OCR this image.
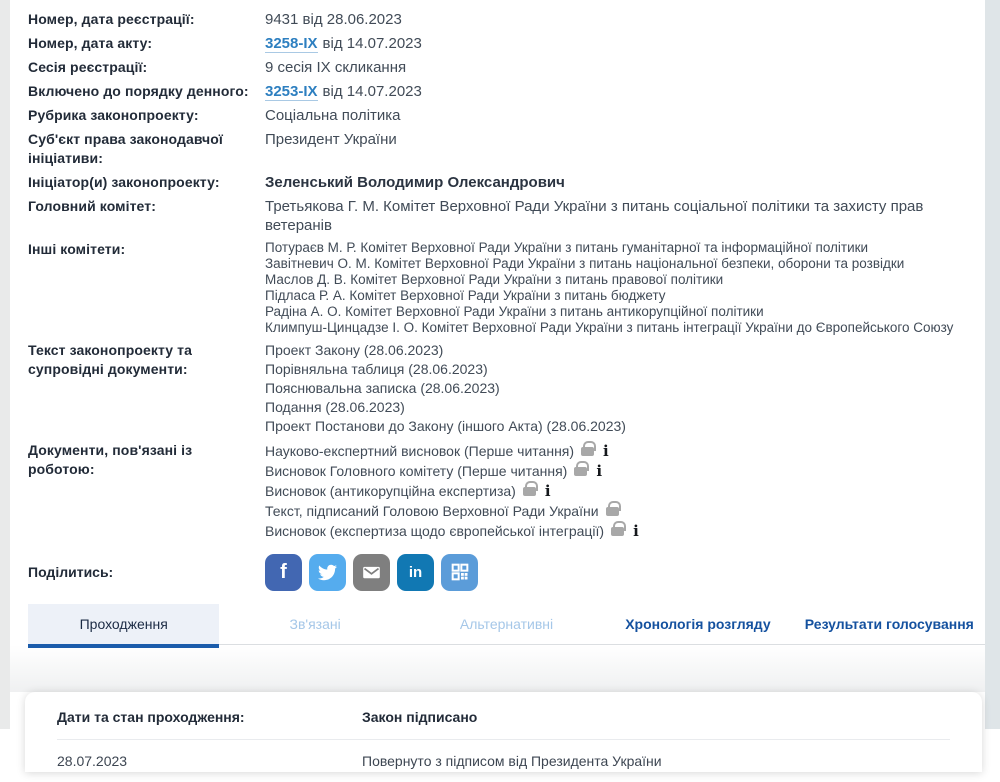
Номер, дата реєстрації:	9431 від 28.06.2023
Номер, дата акту:	3258-IX від 14.07.2023
Сесія реєстрації:	9 сесія IX скликання
Включено до порядку денного:	3253-IX від 14.07.2023
Рубрика законопроекту:	Соціальна політика
Суб'єкт права законодавчої ініціативи:
Президент України
Ініціатор(и) законопроекту:	Зеленський Володимир Олександрович
Головний комітет:	Третьякова Г. М. Комітет Верховної Ради України з питань соціальної політики та захисту прав ветеранів
Інші комітети:	Потураєв М. Р. Комітет Верховної Ради України з питань гуманітарної та інформаційної політики
Завітневич О. М. Комітет Верховної Ради України з питань національної безпеки, оборони та розвідки
Маслов Д. В. Комітет Верховної Ради України з питань правової політики
Підласа Р. А. Комітет Верховної Ради України з питань бюджету
Радіна А. О. Комітет Верховної Ради України з питань антикорупційної політики
Климпуш-Цинцадзе І. О. Комітет Верховної Ради України з питань інтеграції України до Європейського Союзу
Текст законопроекту та супровідні документи:
Проект Закону (28.06.2023)
Порівняльна таблиця (28.06.2023)
Пояснювальна записка (28.06.2023)
Подання (28.06.2023)
Проект Постанови до Закону (іншого Акта) (28.06.2023)
Документи, пов'язані із роботою:
Науково-експертний висновок (Перше читання)i
Висновок Головного комітету (Перше читання)i
Висновок (антикорупційна експертиза)i
Текст, підписаний Головою Верховної Ради України
Висновок (експертиза щодо європейської інтеграції)i
Поділитись:	f	in
Проходження	Зв'язані	Альтернативні	Хронологія розгляду	Результати голосування
Дати та стан проходження:	Закон підписано
28.07.2023	Повернуто з підписом від Президента України
